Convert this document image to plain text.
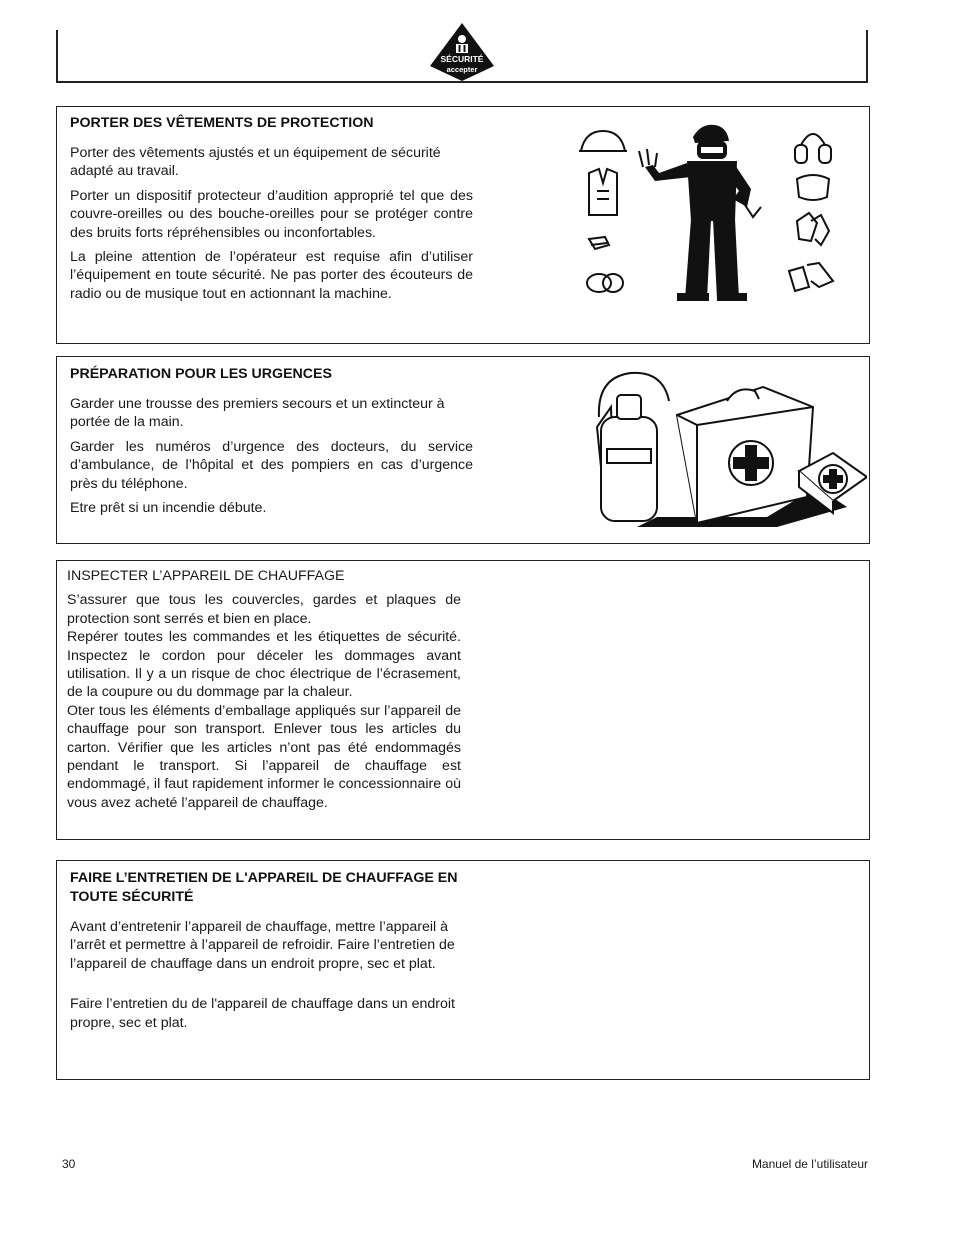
SÉCURITÉ
accepter
PORTER DES VÊTEMENTS DE PROTECTION

Porter des vêtements ajustés et un équipement de sécurité adapté au travail.

Porter un dispositif protecteur d’audition approprié tel que des couvre-oreilles ou des bouche-oreilles pour se protéger contre des bruits forts répréhensibles ou inconfortables.

La pleine attention de l’opérateur est requise afin d’utiliser l’équipement en toute sécurité. Ne pas porter des écouteurs de radio ou de musique tout en actionnant la machine.

PRÉPARATION POUR LES URGENCES

Garder une trousse des premiers secours et un extincteur à portée de la main.

Garder les numéros d’urgence des docteurs, du service d’ambulance, de l’hôpital et des pompiers en cas d’urgence près du téléphone.

Etre prêt si un incendie débute.

INSPECTER L’APPAREIL DE CHAUFFAGE

S’assurer que tous les couvercles, gardes et plaques de protection sont serrés et bien en place.

Repérer toutes les commandes et les étiquettes de sécurité. Inspectez le cordon pour déceler les dommages avant utilisation. Il y a un risque de choc électrique de l’écrasement, de la coupure ou du dommage par la chaleur.

Oter tous les éléments d’emballage appliqués sur l’appareil de chauffage pour son transport. Enlever tous les articles du carton. Vérifier que les articles n’ont pas été endommagés pendant le transport. Si l’appareil de chauffage est endommagé, il faut rapidement informer le concessionnaire où vous avez acheté l’appareil de chauffage.

FAIRE L’ENTRETIEN DE L'APPAREIL DE CHAUFFAGE EN TOUTE SÉCURITÉ

Avant d’entretenir l’appareil de chauffage, mettre l’appareil à l’arrêt et permettre à l’appareil de refroidir. Faire l’entretien de l’appareil de chauffage dans un endroit propre, sec et plat.

Faire l’entretien du de l'appareil de chauffage dans un endroit propre, sec et plat.

30	Manuel de l’utilisateur
